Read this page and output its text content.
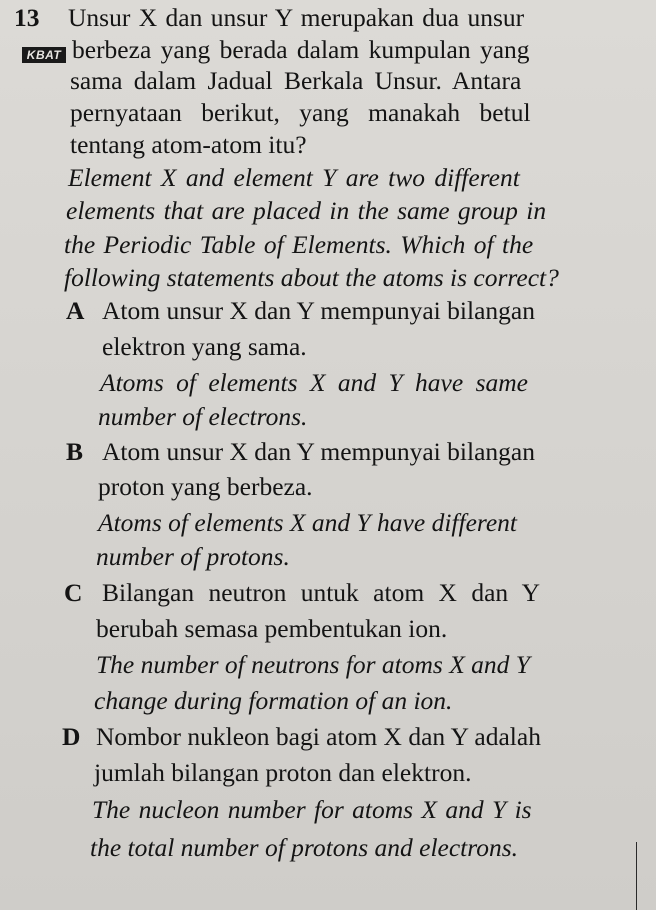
13
KBAT
Unsur X dan unsur Y merupakan dua unsur
berbeza yang berada dalam kumpulan yang
sama dalam Jadual Berkala Unsur. Antara
pernyataan berikut, yang manakah betul
tentang atom-atom itu?
Element X and element Y are two different
elements that are placed in the same group in
the Periodic Table of Elements. Which of the
following statements about the atoms is correct?
A Atom unsur X dan Y mempunyai bilangan
elektron yang sama.
Atoms of elements X and Y have same
number of electrons.
B Atom unsur X dan Y mempunyai bilangan
proton yang berbeza.
Atoms of elements X and Y have different
number of protons.
C Bilangan neutron untuk atom X dan Y
berubah semasa pembentukan ion.
The number of neutrons for atoms X and Y
change during formation of an ion.
D Nombor nukleon bagi atom X dan Y adalah
jumlah bilangan proton dan elektron.
The nucleon number for atoms X and Y is
the total number of protons and electrons.
